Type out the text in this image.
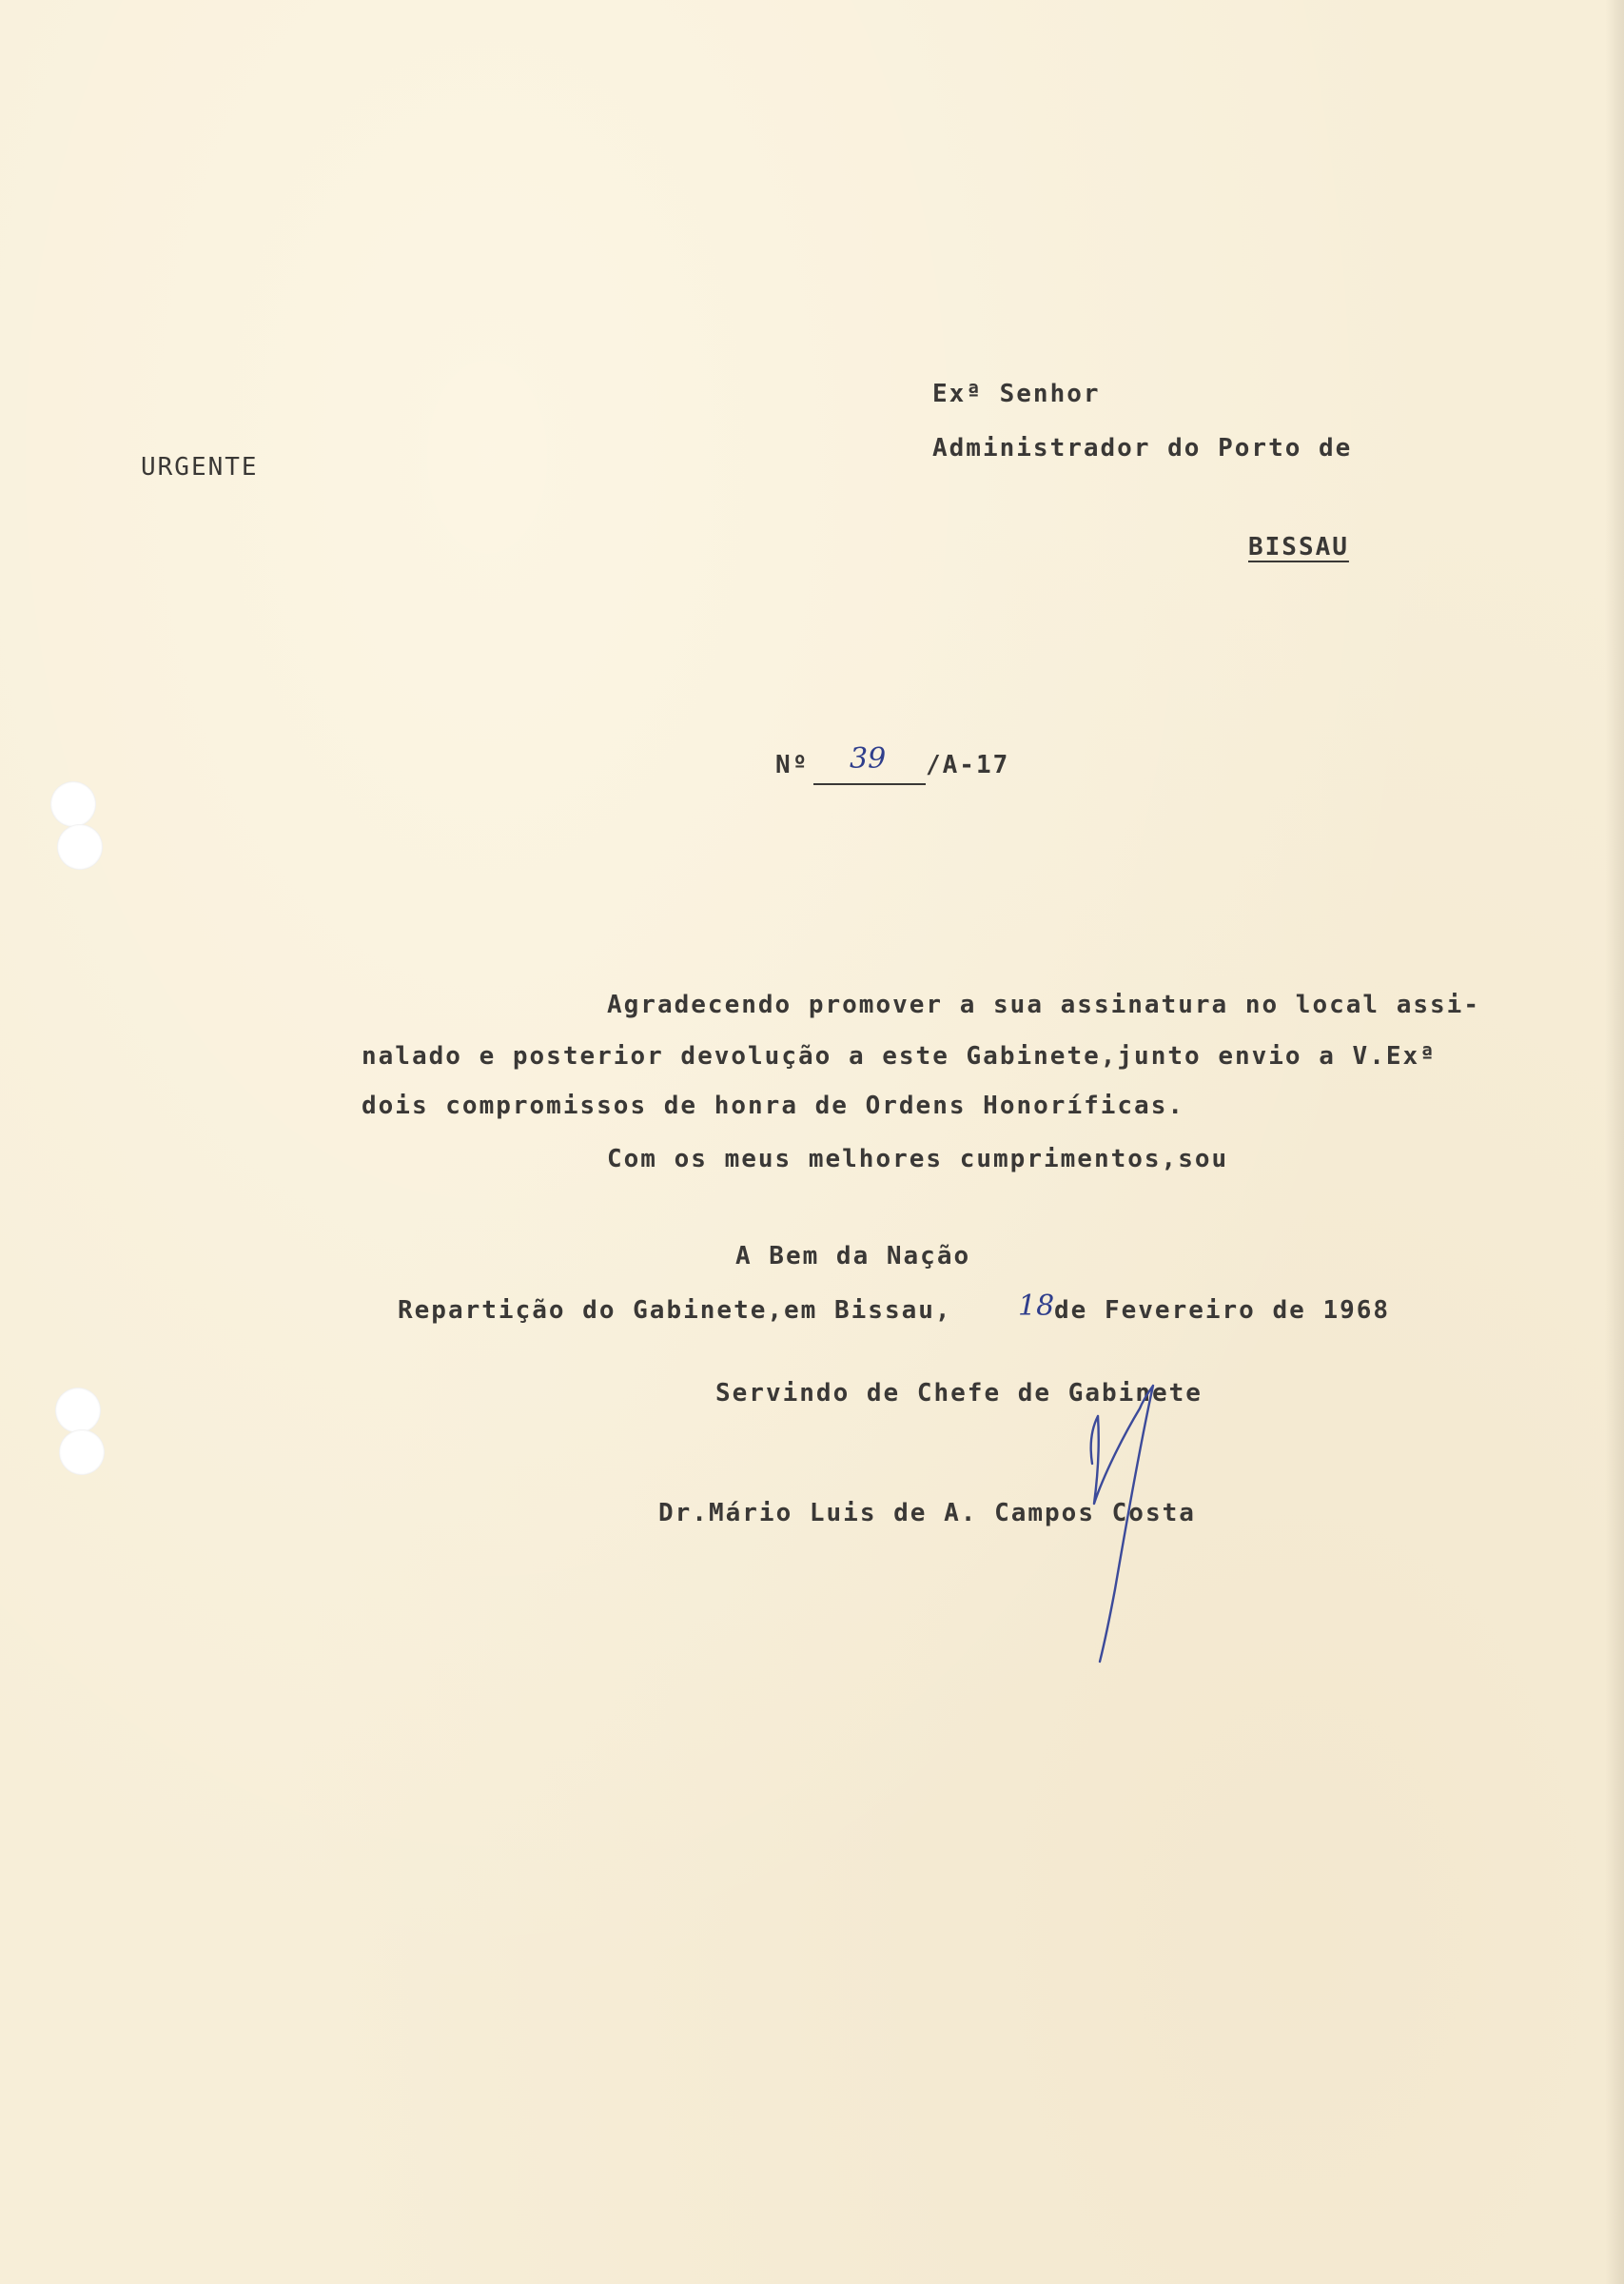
URGENTE
Exª Senhor
Administrador do Porto de
BISSAU
Nº 39 /A-17
Agradecendo promover a sua assinatura no local assi-
nalado e posterior devolução a este Gabinete,junto envio a V.Exª
dois compromissos de honra de Ordens Honoríficas.
Com os meus melhores cumprimentos,sou
A Bem da Nação
Repartição do Gabinete,em Bissau, 18 de Fevereiro de 1968
Servindo de Chefe de Gabinete
Dr.Mário Luis de A. Campos Costa
